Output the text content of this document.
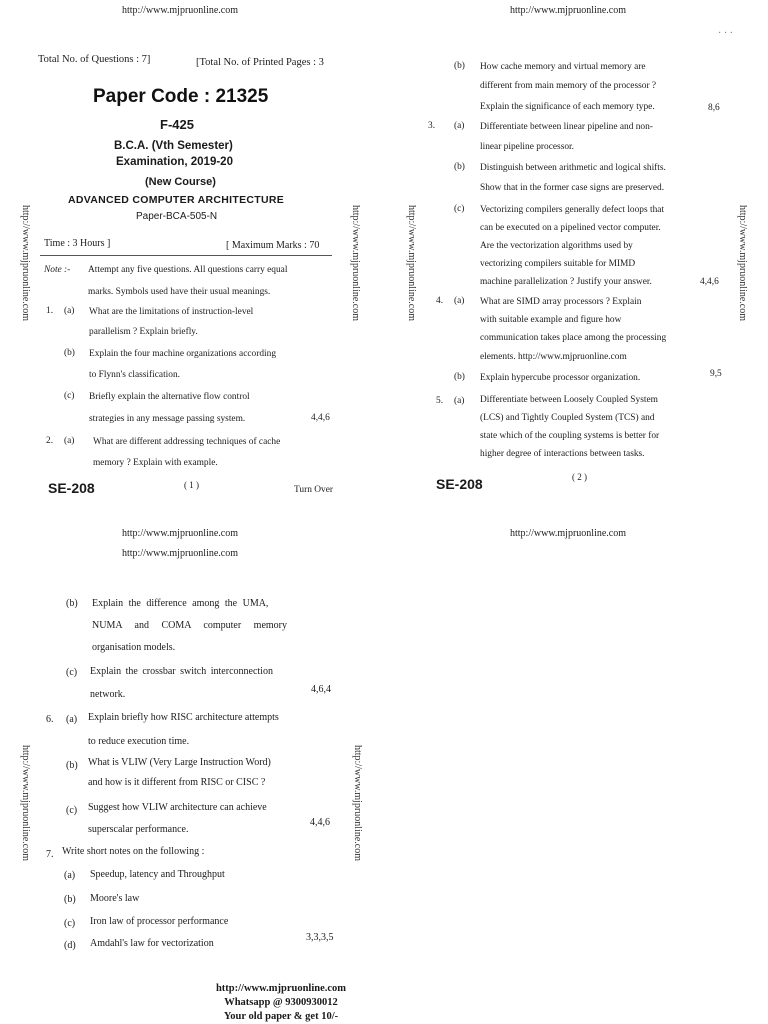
http://www.mjpruonline.com	http://www.mjpruonline.com
· · ·
http://www.mjpruonline.com	http://www.mjpruonline.com	http://www.mjpruonline.com	http://www.mjpruonline.com
http://www.mjpruonline.com	http://www.mjpruonline.com
Total No. of Questions : 7]	[Total No. of Printed Pages : 3
Paper Code : 21325
F-425
B.C.A. (Vth Semester)
Examination, 2019-20
(New Course)
ADVANCED COMPUTER ARCHITECTURE
Paper-BCA-505-N
Time : 3 Hours ]	[ Maximum Marks : 70
Note :- Attempt any five questions. All questions carry equal
marks. Symbols used have their usual meanings.
1. (a) What are the limitations of instruction-level
parallelism ? Explain briefly.
(b) Explain the four machine organizations according
to Flynn's classification.
(c) Briefly explain the alternative flow control
strategies in any message passing system.	4,4,6
2. (a) What are different addressing techniques of cache
memory ? Explain with example.
SE-208	( 1 )	Turn Over
(b) How cache memory and virtual memory are
different from main memory of the processor ?
Explain the significance of each memory type.	8,6
3. (a) Differentiate between linear pipeline and non-
linear pipeline processor.
(b) Distinguish between arithmetic and logical shifts.
Show that in the former case signs are preserved.
(c) Vectorizing compilers generally defect loops that
can be executed on a pipelined vector computer.
Are the vectorization algorithms used by
vectorizing compilers suitable for MIMD
machine parallelization ? Justify your answer.	4,4,6
4. (a) What are SIMD array processors ? Explain
with suitable example and figure how
communication takes place among the processing
elements. http://www.mjpruonline.com
(b) Explain hypercube processor organization.	9,5
5. (a) Differentiate between Loosely Coupled System
(LCS) and Tightly Coupled System (TCS) and
state which of the coupling systems is better for
higher degree of interactions between tasks.
SE-208	( 2 )
http://www.mjpruonline.com
http://www.mjpruonline.com
http://www.mjpruonline.com
(b) Explain the difference among the UMA,
NUMA and COMA computer memory
organisation models.
(c) Explain the crossbar switch interconnection
network.	4,6,4
6. (a) Explain briefly how RISC architecture attempts
to reduce execution time.
(b) What is VLIW (Very Large Instruction Word)
and how is it different from RISC or CISC ?
(c) Suggest how VLIW architecture can achieve
superscalar performance.
4,4,6
7. Write short notes on the following :
(a) Speedup, latency and Throughput
(b) Moore's law
(c) Iron law of processor performance
(d) Amdahl's law for vectorization
3,3,3,5
http://www.mjpruonline.com
Whatsapp @ 9300930012
Your old paper & get 10/-
